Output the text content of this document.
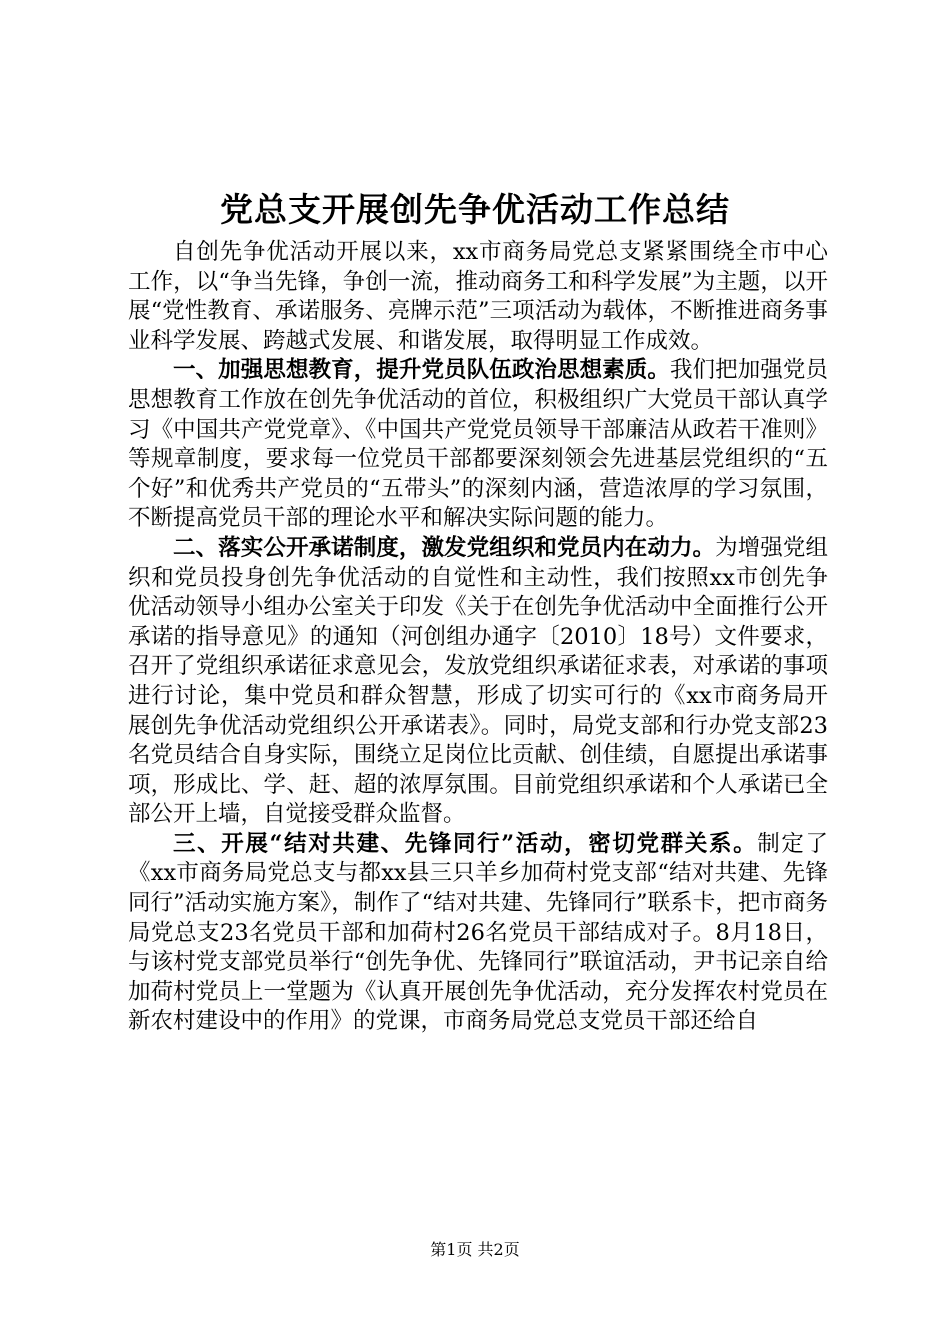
党总支开展创先争优活动工作总结

自创先争优活动开展以来，xx市商务局党总支紧紧围绕全市中心工作，以“争当先锋，争创一流，推动商务工和科学发展”为主题，以开展“党性教育、承诺服务、亮牌示范”三项活动为载体，不断推进商务事业科学发展、跨越式发展、和谐发展，取得明显工作成效。

一、加强思想教育，提升党员队伍政治思想素质。我们把加强党员思想教育工作放在创先争优活动的首位，积极组织广大党员干部认真学习《中国共产党党章》、《中国共产党党员领导干部廉洁从政若干准则》等规章制度，要求每一位党员干部都要深刻领会先进基层党组织的“五个好”和优秀共产党员的“五带头”的深刻内涵，营造浓厚的学习氛围，不断提高党员干部的理论水平和解决实际问题的能力。

二、落实公开承诺制度，激发党组织和党员内在动力。为增强党组织和党员投身创先争优活动的自觉性和主动性，我们按照xx市创先争优活动领导小组办公室关于印发《关于在创先争优活动中全面推行公开承诺的指导意见》的通知（河创组办通字〔2010〕18号）文件要求，召开了党组织承诺征求意见会，发放党组织承诺征求表，对承诺的事项进行讨论，集中党员和群众智慧，形成了切实可行的《xx市商务局开展创先争优活动党组织公开承诺表》。同时，局党支部和行办党支部23名党员结合自身实际，围绕立足岗位比贡献、创佳绩，自愿提出承诺事项，形成比、学、赶、超的浓厚氛围。目前党组织承诺和个人承诺已全部公开上墙，自觉接受群众监督。

三、开展“结对共建、先锋同行”活动，密切党群关系。制定了《xx市商务局党总支与都xx县三只羊乡加荷村党支部“结对共建、先锋同行”活动实施方案》，制作了“结对共建、先锋同行”联系卡，把市商务局党总支23名党员干部和加荷村26名党员干部结成对子。8月18日，与该村党支部党员举行“创先争优、先锋同行”联谊活动，尹书记亲自给加荷村党员上一堂题为《认真开展创先争优活动，充分发挥农村党员在新农村建设中的作用》的党课，市商务局党总支党员干部还给自

第1页 共2页
